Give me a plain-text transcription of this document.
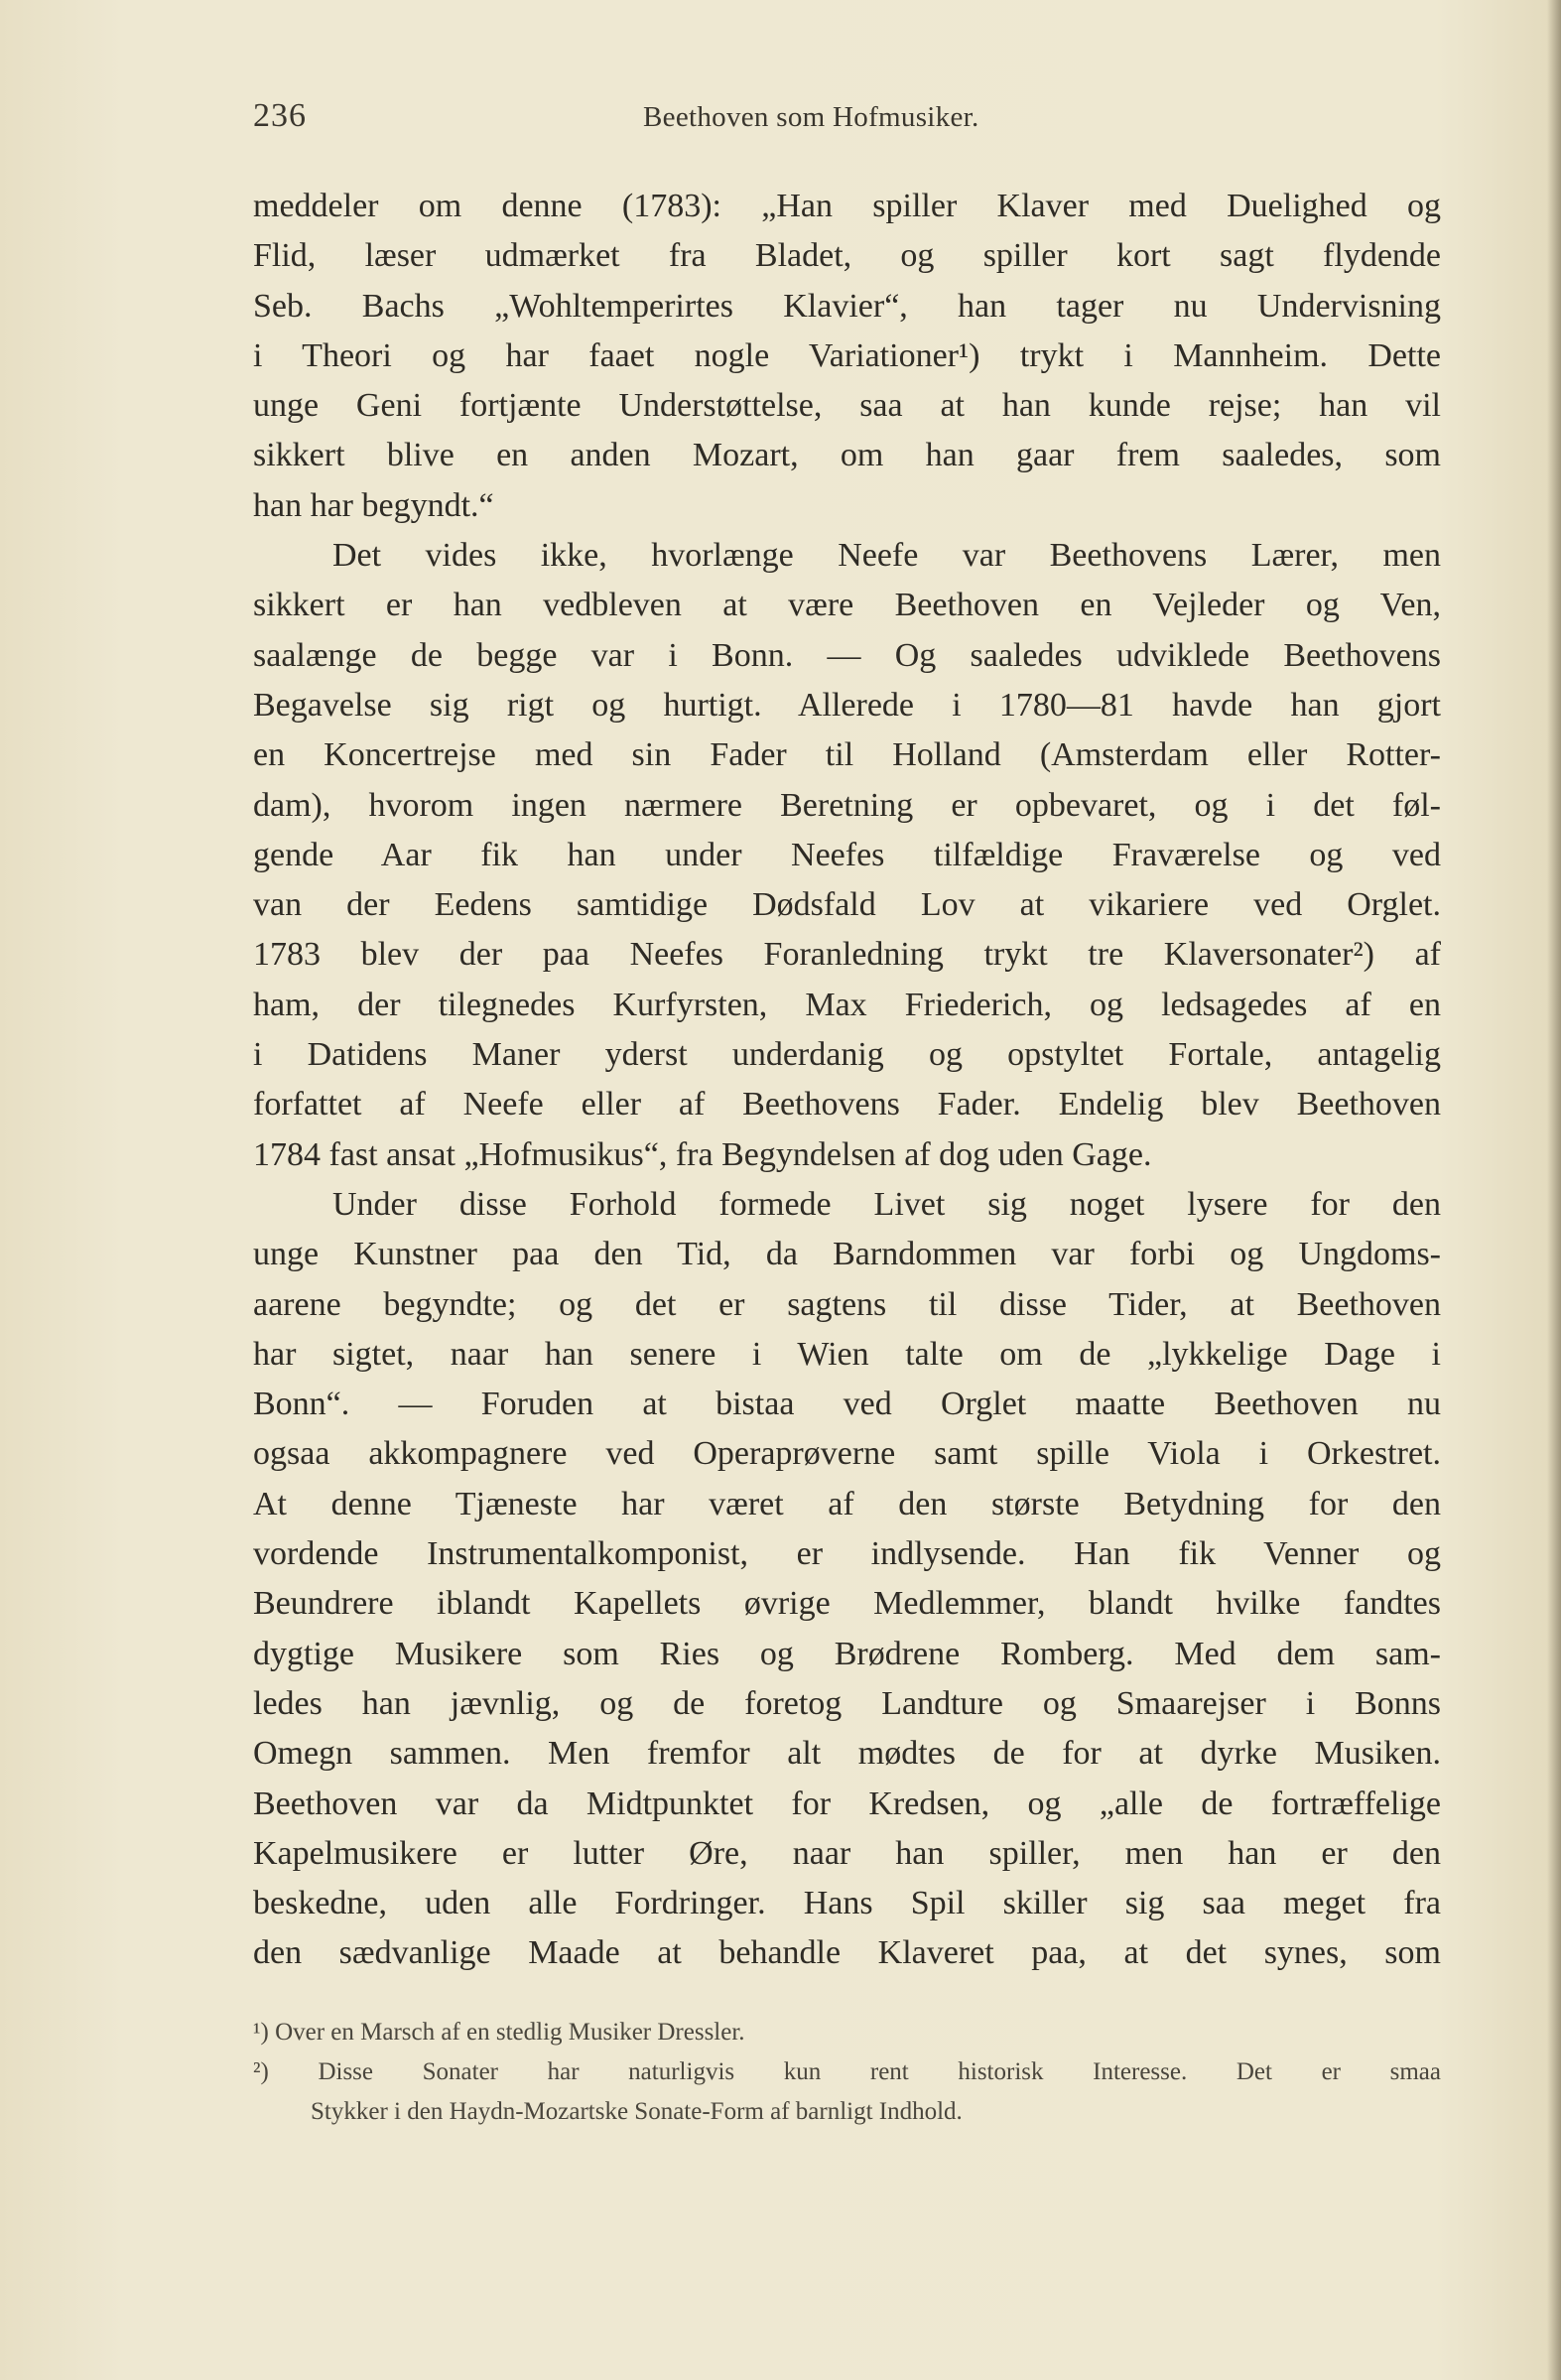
236	Beethoven som Hofmusiker.
meddeler om denne (1783): „Han spiller Klaver med Duelighed og
Flid, læser udmærket fra Bladet, og spiller kort sagt flydende
Seb. Bachs „Wohltemperirtes Klavier“, han tager nu Undervisning
i Theori og har faaet nogle Variationer¹) trykt i Mannheim. Dette
unge Geni fortjænte Understøttelse, saa at han kunde rejse; han vil
sikkert blive en anden Mozart, om han gaar frem saaledes, som
han har begyndt.“
Det vides ikke, hvorlænge Neefe var Beethovens Lærer, men
sikkert er han vedbleven at være Beethoven en Vejleder og Ven,
saalænge de begge var i Bonn. — Og saaledes udviklede Beethovens
Begavelse sig rigt og hurtigt. Allerede i 1780—81 havde han gjort
en Koncertrejse med sin Fader til Holland (Amsterdam eller Rotter-
dam), hvorom ingen nærmere Beretning er opbevaret, og i det føl-
gende Aar fik han under Neefes tilfældige Fraværelse og ved
van der Eedens samtidige Dødsfald Lov at vikariere ved Orglet.
1783 blev der paa Neefes Foranledning trykt tre Klaversonater²) af
ham, der tilegnedes Kurfyrsten, Max Friederich, og ledsagedes af en
i Datidens Maner yderst underdanig og opstyltet Fortale, antagelig
forfattet af Neefe eller af Beethovens Fader. Endelig blev Beethoven
1784 fast ansat „Hofmusikus“, fra Begyndelsen af dog uden Gage.
Under disse Forhold formede Livet sig noget lysere for den
unge Kunstner paa den Tid, da Barndommen var forbi og Ungdoms-
aarene begyndte; og det er sagtens til disse Tider, at Beethoven
har sigtet, naar han senere i Wien talte om de „lykkelige Dage i
Bonn“. — Foruden at bistaa ved Orglet maatte Beethoven nu
ogsaa akkompagnere ved Operaprøverne samt spille Viola i Orkestret.
At denne Tjæneste har været af den største Betydning for den
vordende Instrumentalkomponist, er indlysende. Han fik Venner og
Beundrere iblandt Kapellets øvrige Medlemmer, blandt hvilke fandtes
dygtige Musikere som Ries og Brødrene Romberg. Med dem sam-
ledes han jævnlig, og de foretog Landture og Smaarejser i Bonns
Omegn sammen. Men fremfor alt mødtes de for at dyrke Musiken.
Beethoven var da Midtpunktet for Kredsen, og „alle de fortræffelige
Kapelmusikere er lutter Øre, naar han spiller, men han er den
beskedne, uden alle Fordringer. Hans Spil skiller sig saa meget fra
den sædvanlige Maade at behandle Klaveret paa, at det synes, som
¹) Over en Marsch af en stedlig Musiker Dressler.
²) Disse Sonater har naturligvis kun rent historisk Interesse. Det er smaa
Stykker i den Haydn-Mozartske Sonate-Form af barnligt Indhold.
